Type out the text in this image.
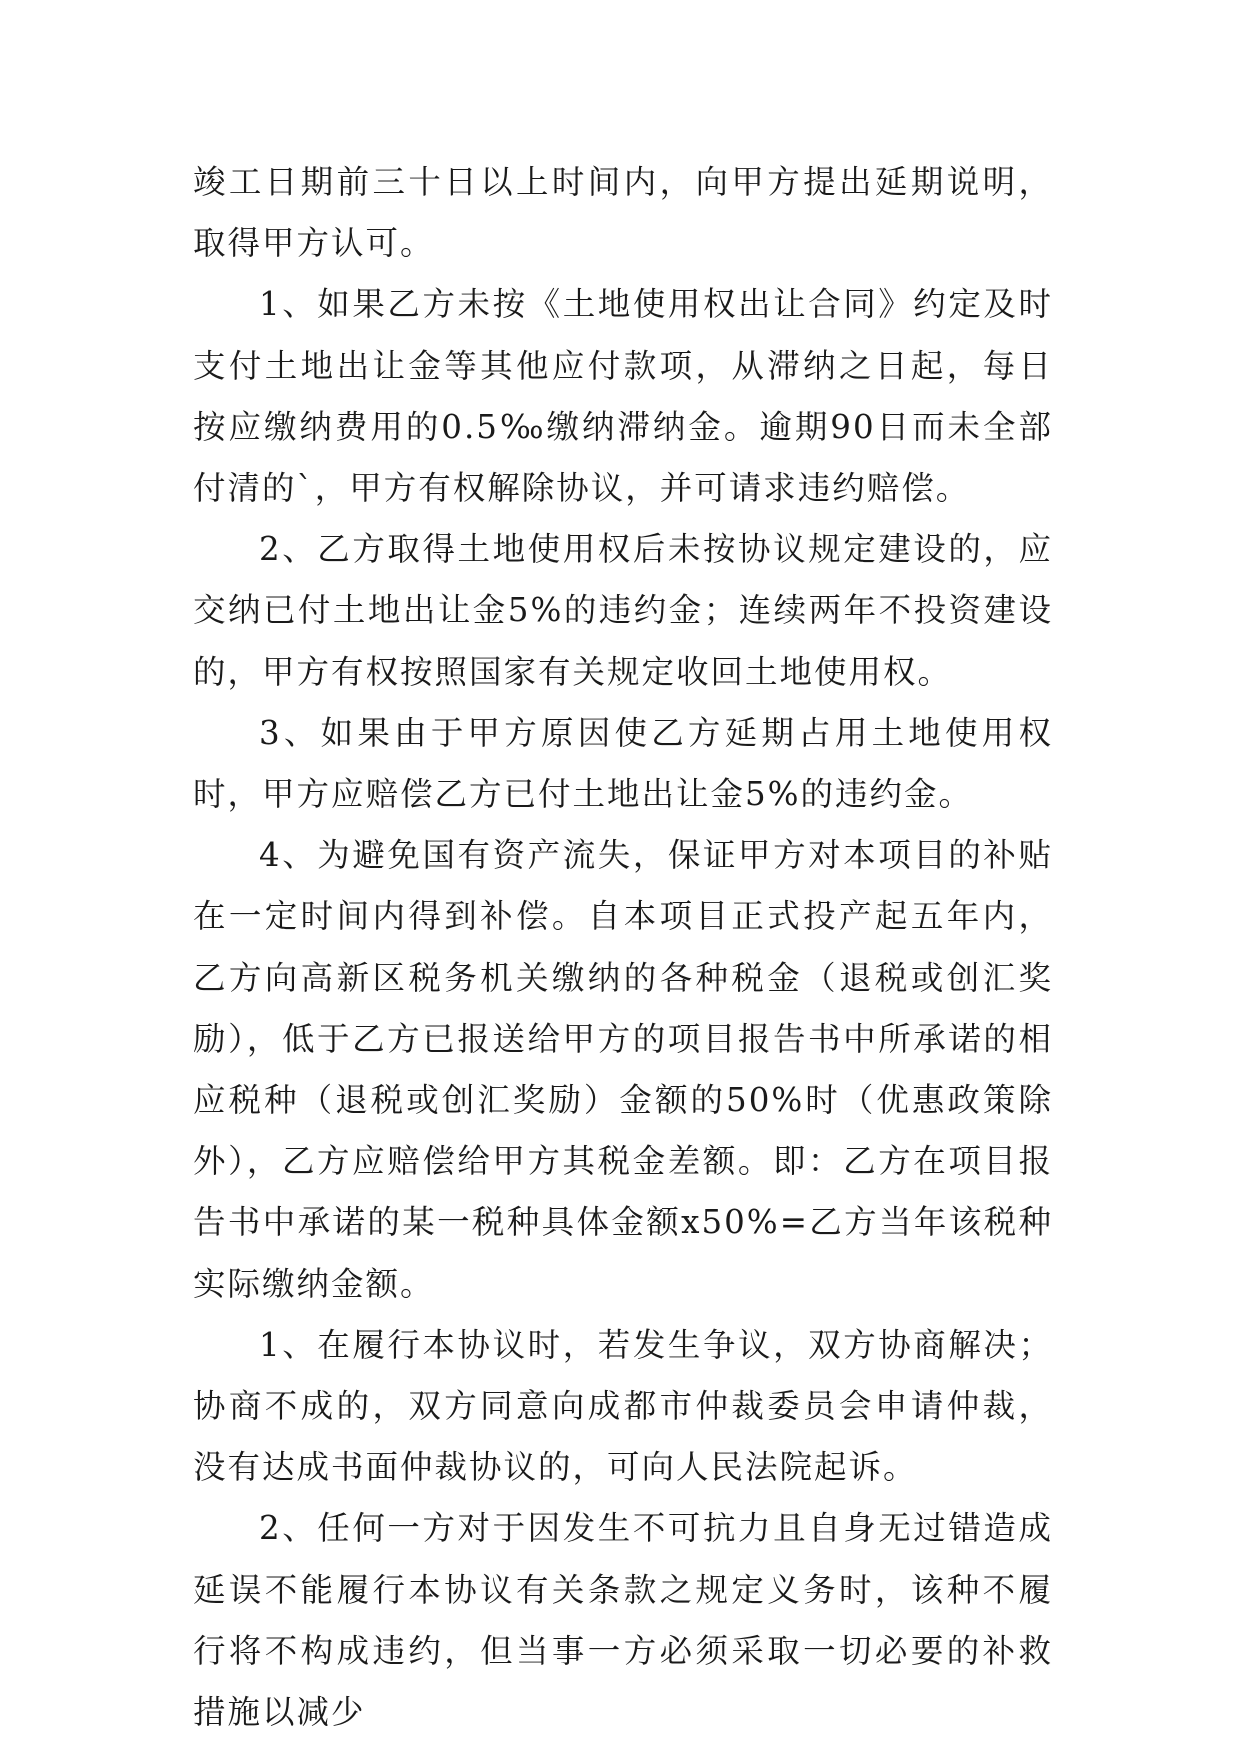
竣工日期前三十日以上时间内，向甲方提出延期说明，取得甲方认可。

1、如果乙方未按《土地使用权出让合同》约定及时支付土地出让金等其他应付款项，从滞纳之日起，每日按应缴纳费用的0.5‰缴纳滞纳金。逾期90日而未全部付清的`，甲方有权解除协议，并可请求违约赔偿。

2、乙方取得土地使用权后未按协议规定建设的，应交纳已付土地出让金5%的违约金；连续两年不投资建设的，甲方有权按照国家有关规定收回土地使用权。

3、如果由于甲方原因使乙方延期占用土地使用权时，甲方应赔偿乙方已付土地出让金5%的违约金。

4、为避免国有资产流失，保证甲方对本项目的补贴在一定时间内得到补偿。自本项目正式投产起五年内，乙方向高新区税务机关缴纳的各种税金（退税或创汇奖励），低于乙方已报送给甲方的项目报告书中所承诺的相应税种（退税或创汇奖励）金额的50%时（优惠政策除外），乙方应赔偿给甲方其税金差额。即：乙方在项目报告书中承诺的某一税种具体金额x50%=乙方当年该税种实际缴纳金额。

1、在履行本协议时，若发生争议，双方协商解决；协商不成的，双方同意向成都市仲裁委员会申请仲裁，没有达成书面仲裁协议的，可向人民法院起诉。

2、任何一方对于因发生不可抗力且自身无过错造成延误不能履行本协议有关条款之规定义务时，该种不履行将不构成违约，但当事一方必须采取一切必要的补救措施以减少
